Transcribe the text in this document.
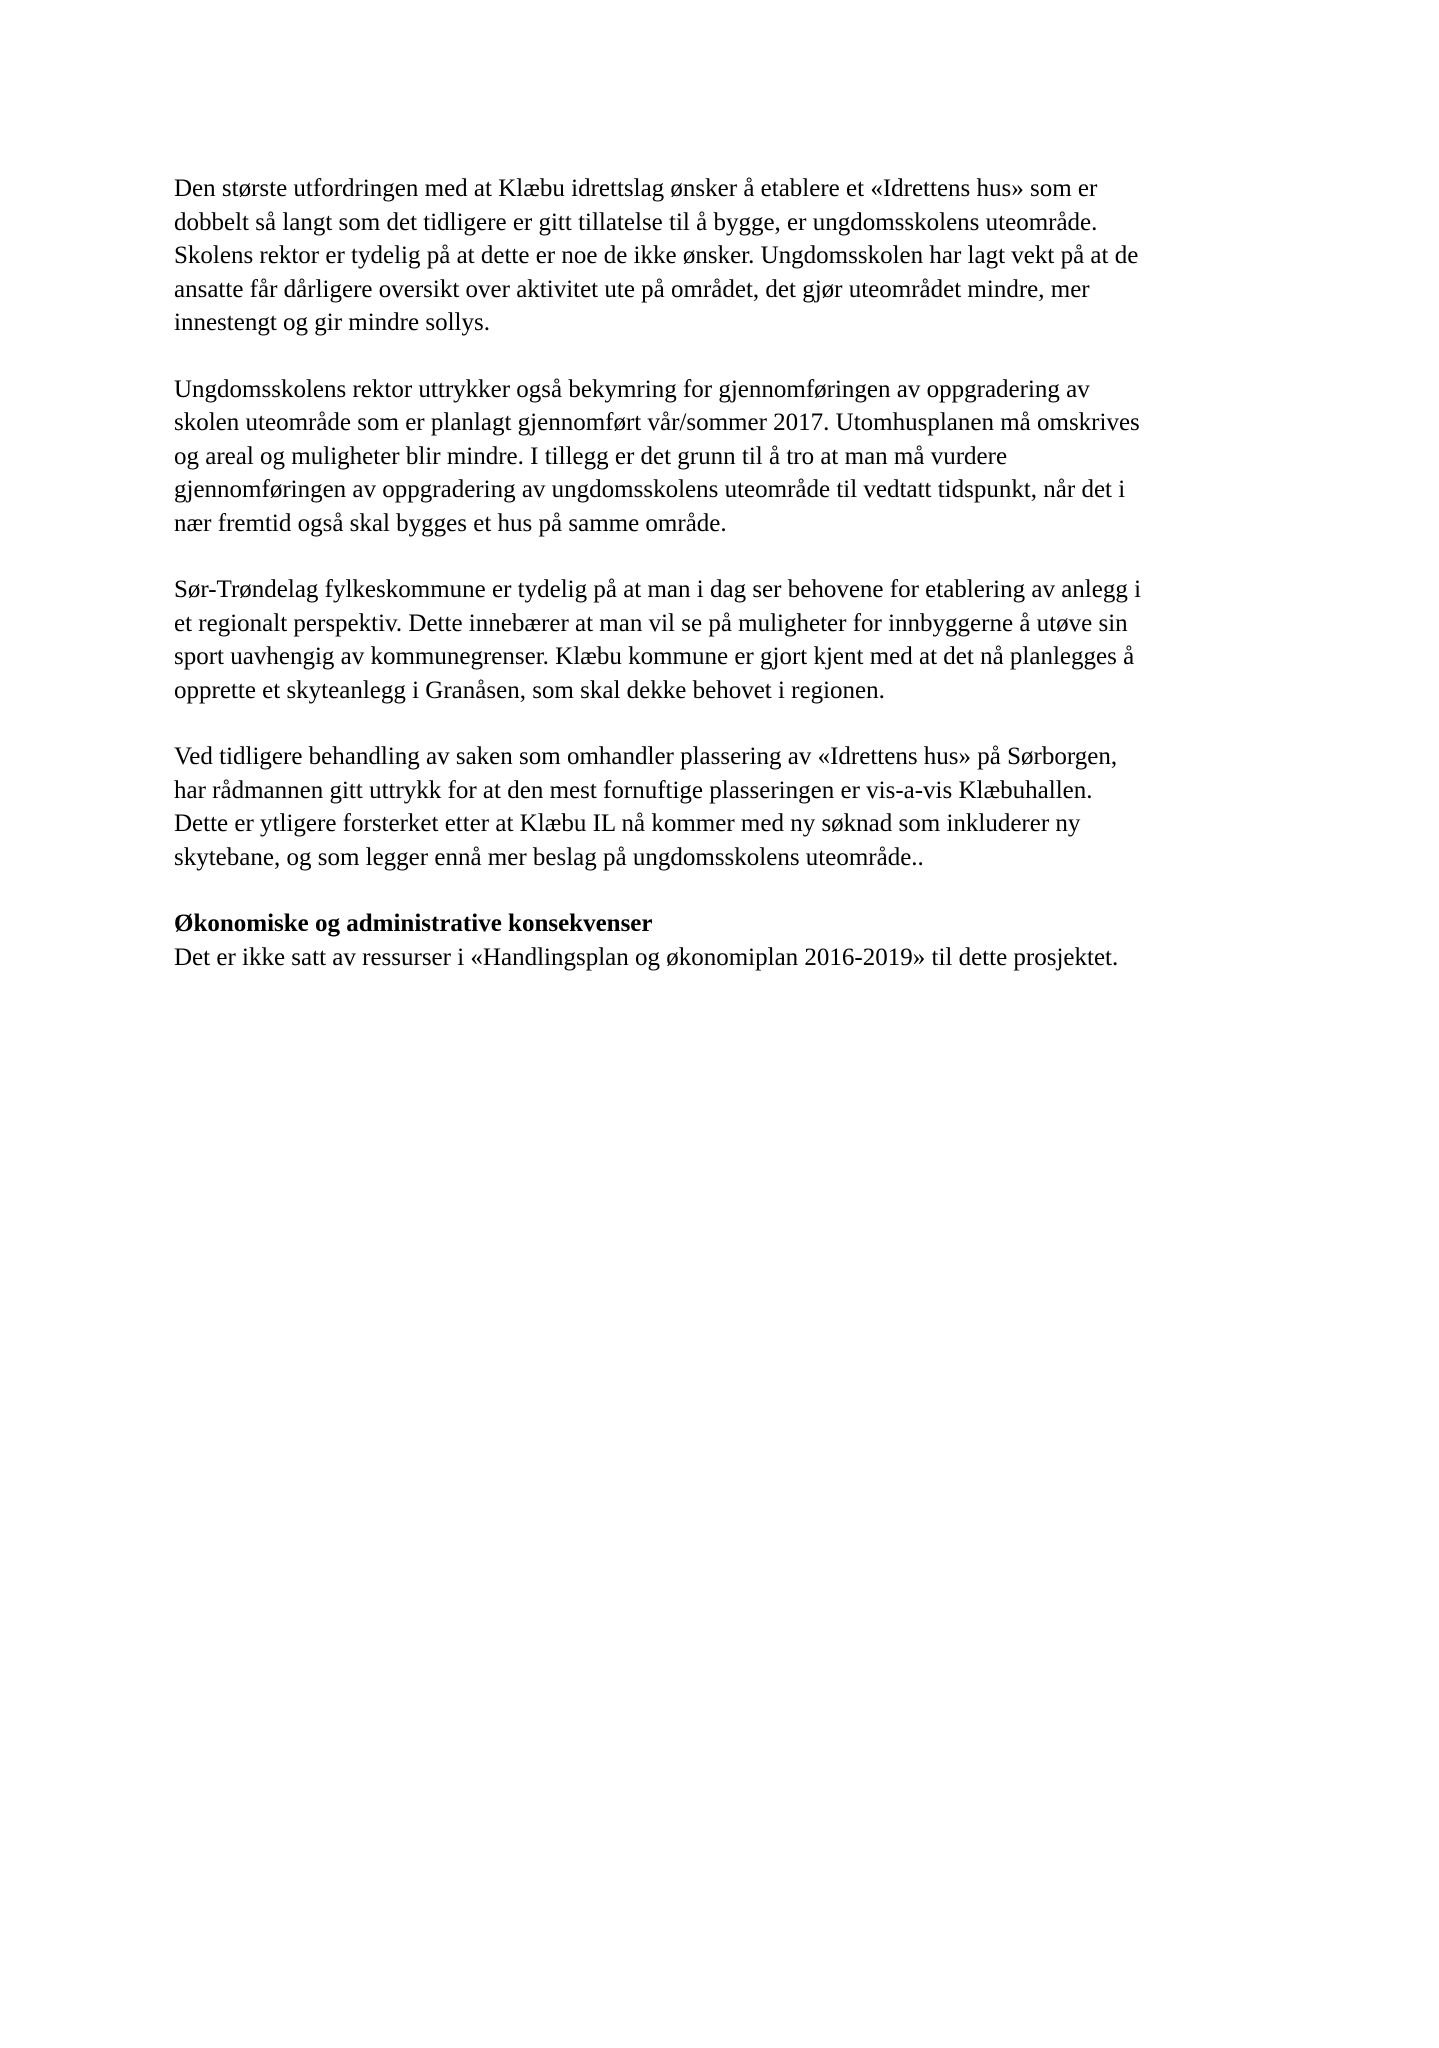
Den største utfordringen med at Klæbu idrettslag ønsker å etablere et «Idrettens hus» som er
dobbelt så langt som det tidligere er gitt tillatelse til å bygge, er ungdomsskolens uteområde.
Skolens rektor er tydelig på at dette er noe de ikke ønsker. Ungdomsskolen har lagt vekt på at de
ansatte får dårligere oversikt over aktivitet ute på området, det gjør uteområdet mindre, mer
innestengt og gir mindre sollys.
Ungdomsskolens rektor uttrykker også bekymring for gjennomføringen av oppgradering av
skolen uteområde som er planlagt gjennomført vår/sommer 2017. Utomhusplanen må omskrives
og areal og muligheter blir mindre. I tillegg er det grunn til å tro at man må vurdere
gjennomføringen av oppgradering av ungdomsskolens uteområde til vedtatt tidspunkt, når det i
nær fremtid også skal bygges et hus på samme område.
Sør-Trøndelag fylkeskommune er tydelig på at man i dag ser behovene for etablering av anlegg i
et regionalt perspektiv. Dette innebærer at man vil se på muligheter for innbyggerne å utøve sin
sport uavhengig av kommunegrenser. Klæbu kommune er gjort kjent med at det nå planlegges å
opprette et skyteanlegg i Granåsen, som skal dekke behovet i regionen.
Ved tidligere behandling av saken som omhandler plassering av «Idrettens hus» på Sørborgen,
har rådmannen gitt uttrykk for at den mest fornuftige plasseringen er vis-a-vis Klæbuhallen.
Dette er ytligere forsterket etter at Klæbu IL nå kommer med ny søknad som inkluderer ny
skytebane, og som legger ennå mer beslag på ungdomsskolens uteområde..
Økonomiske og administrative konsekvenser
Det er ikke satt av ressurser i «Handlingsplan og økonomiplan 2016-2019» til dette prosjektet.
